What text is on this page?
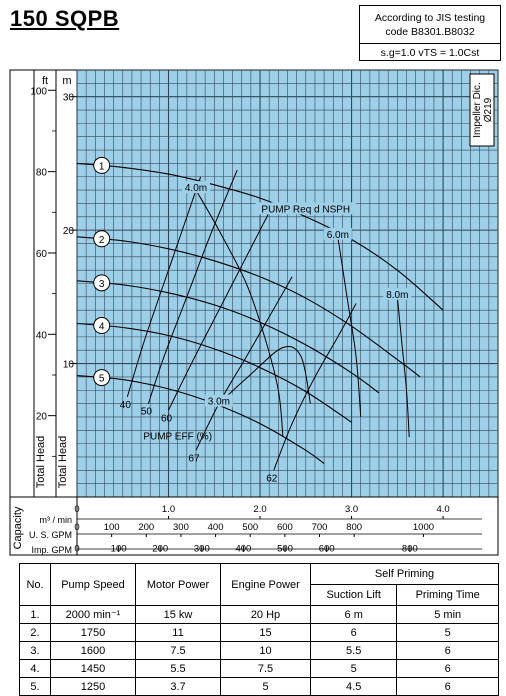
150 SQPB	According to JIS testing
code B8301.B8032
s.g=1.0 vTS = 1.0Cst
ft
20
40
60
80
100
m
10
20
30
Total Head Total Head
Capacity m³ / min
0	1.0	2.0	3.0	4.0
U. S. GPM
0	100 200 300 400 500 600 700 800	1000
Imp. GPM 0	100	200	300	400	500	600	800
1
2
3
4
5
40
50
60
67
62
PUMP EFF (%)
3.0m
4.0m
6.0m
8.0m
PUMP Req d NSPH
Impeller Dic. Ø219
No.	Pump Speed	Motor Power	Engine Power	Self Priming	
				Suction Lift	Priming Time
1.	2000 min⁻¹	15 kw	20 Hp	6 m	5 min
2.	1750	11	15	6	5
3.	1600	7.5	10	5.5	6
4.	1450	5.5	7.5	5	6
5.	1250	3.7	5	4.5	6
